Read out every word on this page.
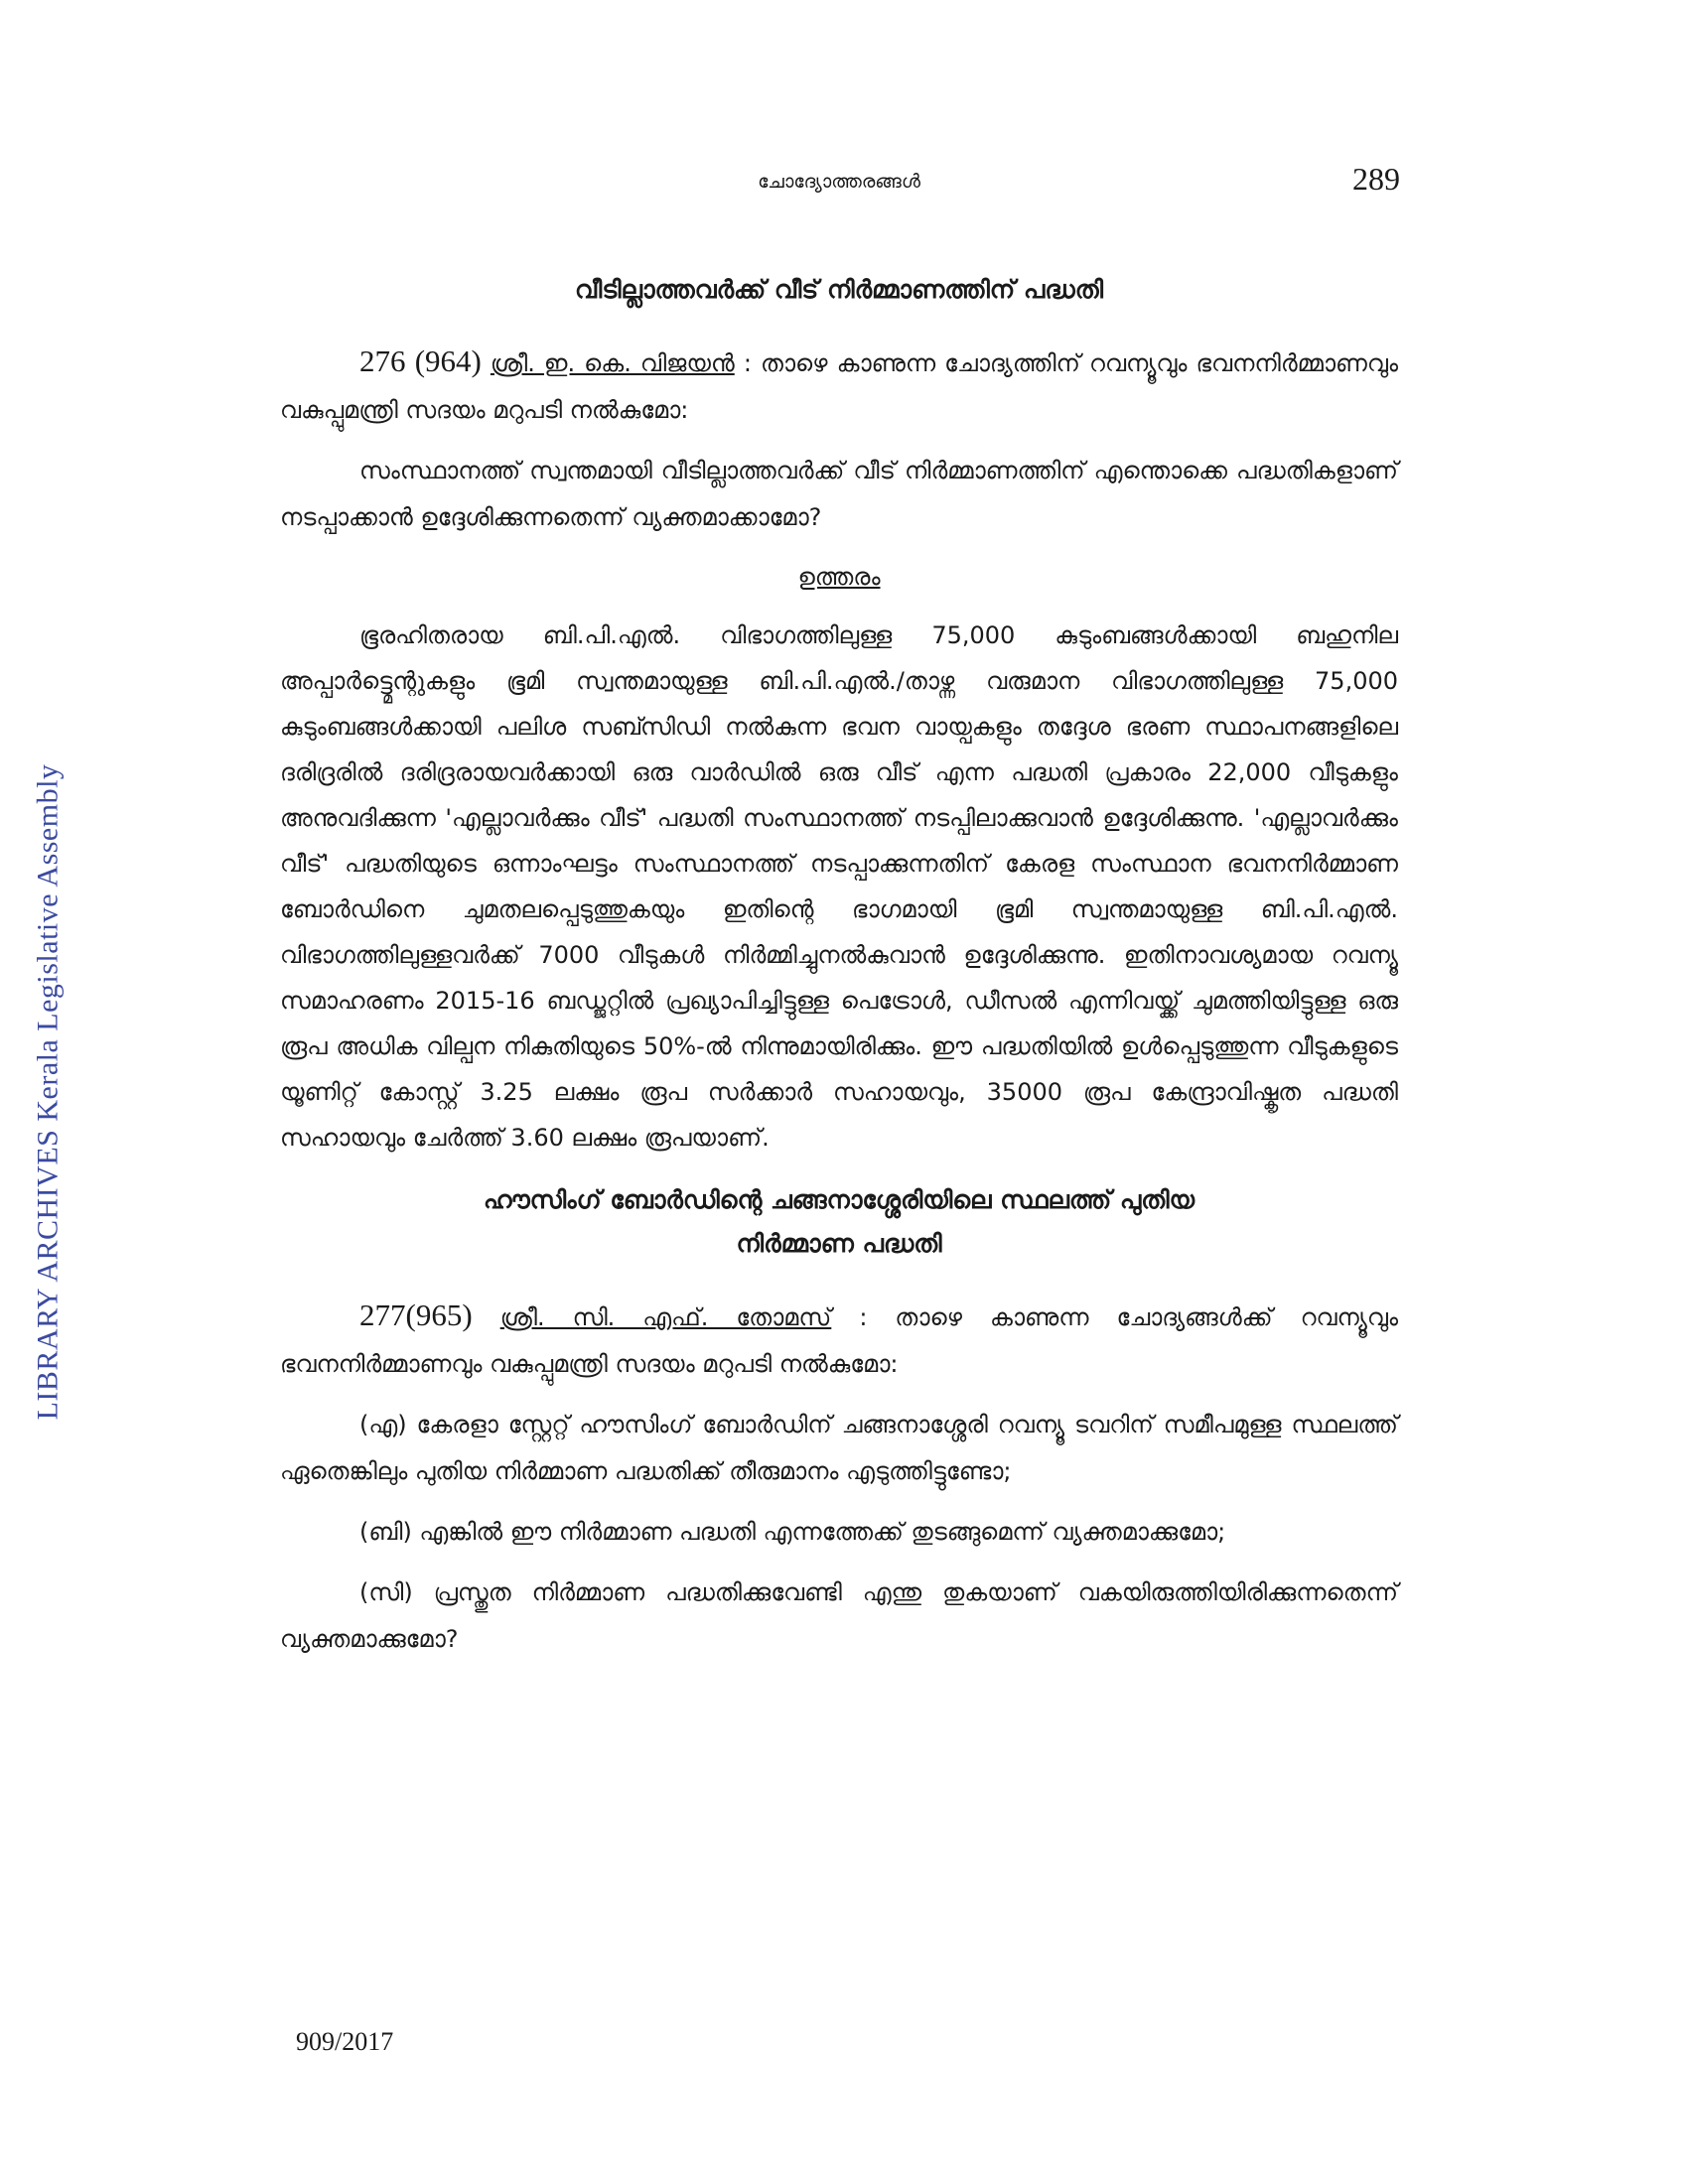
LIBRARY ARCHIVES Kerala Legislative Assembly
ചോദ്യോത്തരങ്ങൾ	289
വീടില്ലാത്തവർക്ക് വീട് നിർമ്മാണത്തിന് പദ്ധതി

276 (964) ശ്രീ. ഇ. കെ. വിജയൻ : താഴെ കാണുന്ന ചോദ്യത്തിന് റവന്യൂവും ഭവനനിർമ്മാണവും വകുപ്പുമന്ത്രി സദയം മറുപടി നൽകുമോ:

സംസ്ഥാനത്ത് സ്വന്തമായി വീടില്ലാത്തവർക്ക് വീട് നിർമ്മാണത്തിന് എന്തൊക്കെ പദ്ധതികളാണ് നടപ്പാക്കാൻ ഉദ്ദേശിക്കുന്നതെന്ന് വ്യക്തമാക്കാമോ?

ഉത്തരം

ഭൂരഹിതരായ ബി.പി.എൽ. വിഭാഗത്തിലുള്ള 75,000 കുടുംബങ്ങൾക്കായി ബഹുനില അപ്പാർട്ട്മെന്റുകളും ഭൂമി സ്വന്തമായുള്ള ബി.പി.എൽ./താഴ്ന്ന വരുമാന വിഭാഗത്തിലുള്ള 75,000 കുടുംബങ്ങൾക്കായി പലിശ സബ്സിഡി നൽകുന്ന ഭവന വായ്പകളും തദ്ദേശ ഭരണ സ്ഥാപനങ്ങളിലെ ദരിദ്രരിൽ ദരിദ്രരായവർക്കായി ഒരു വാർഡിൽ ഒരു വീട് എന്ന പദ്ധതി പ്രകാരം 22,000 വീടുകളും അനുവദിക്കുന്ന 'എല്ലാവർക്കും വീട്' പദ്ധതി സംസ്ഥാനത്ത് നടപ്പിലാക്കുവാൻ ഉദ്ദേശിക്കുന്നു. 'എല്ലാവർക്കും വീട്' പദ്ധതിയുടെ ഒന്നാംഘട്ടം സംസ്ഥാനത്ത് നടപ്പാക്കുന്നതിന് കേരള സംസ്ഥാന ഭവനനിർമ്മാണ ബോർഡിനെ ചുമതലപ്പെടുത്തുകയും ഇതിന്റെ ഭാഗമായി ഭൂമി സ്വന്തമായുള്ള ബി.പി.എൽ. വിഭാഗത്തിലുള്ളവർക്ക് 7000 വീടുകൾ നിർമ്മിച്ചുനൽകുവാൻ ഉദ്ദേശിക്കുന്നു. ഇതിനാവശ്യമായ റവന്യൂ സമാഹരണം 2015-16 ബഡ്ജറ്റിൽ പ്രഖ്യാപിച്ചിട്ടുള്ള പെട്രോൾ, ഡീസൽ എന്നിവയ്ക്ക് ചുമത്തിയിട്ടുള്ള ഒരു രൂപ അധിക വില്പന നികുതിയുടെ 50%-ൽ നിന്നുമായിരിക്കും. ഈ പദ്ധതിയിൽ ഉൾപ്പെടുത്തുന്ന വീടുകളുടെ യൂണിറ്റ് കോസ്റ്റ് 3.25 ലക്ഷം രൂപ സർക്കാർ സഹായവും, 35000 രൂപ കേന്ദ്രാവിഷ്കൃത പദ്ധതി സഹായവും ചേർത്ത് 3.60 ലക്ഷം രൂപയാണ്.

ഹൗസിംഗ് ബോർഡിന്റെ ചങ്ങനാശ്ശേരിയിലെ സ്ഥലത്ത് പുതിയ
നിർമ്മാണ പദ്ധതി

277(965) ശ്രീ. സി. എഫ്. തോമസ് : താഴെ കാണുന്ന ചോദ്യങ്ങൾക്ക് റവന്യൂവും ഭവനനിർമ്മാണവും വകുപ്പുമന്ത്രി സദയം മറുപടി നൽകുമോ:

(എ) കേരളാ സ്റ്റേറ്റ് ഹൗസിംഗ് ബോർഡിന് ചങ്ങനാശ്ശേരി റവന്യൂ ടവറിന് സമീപമുള്ള സ്ഥലത്ത് ഏതെങ്കിലും പുതിയ നിർമ്മാണ പദ്ധതിക്ക് തീരുമാനം എടുത്തിട്ടുണ്ടോ;

(ബി) എങ്കിൽ ഈ നിർമ്മാണ പദ്ധതി എന്നത്തേക്ക് തുടങ്ങുമെന്ന് വ്യക്തമാക്കുമോ;

(സി) പ്രസ്തുത നിർമ്മാണ പദ്ധതിക്കുവേണ്ടി എന്തു തുകയാണ് വകയിരുത്തിയിരിക്കുന്നതെന്ന് വ്യക്തമാക്കുമോ?

909/2017
